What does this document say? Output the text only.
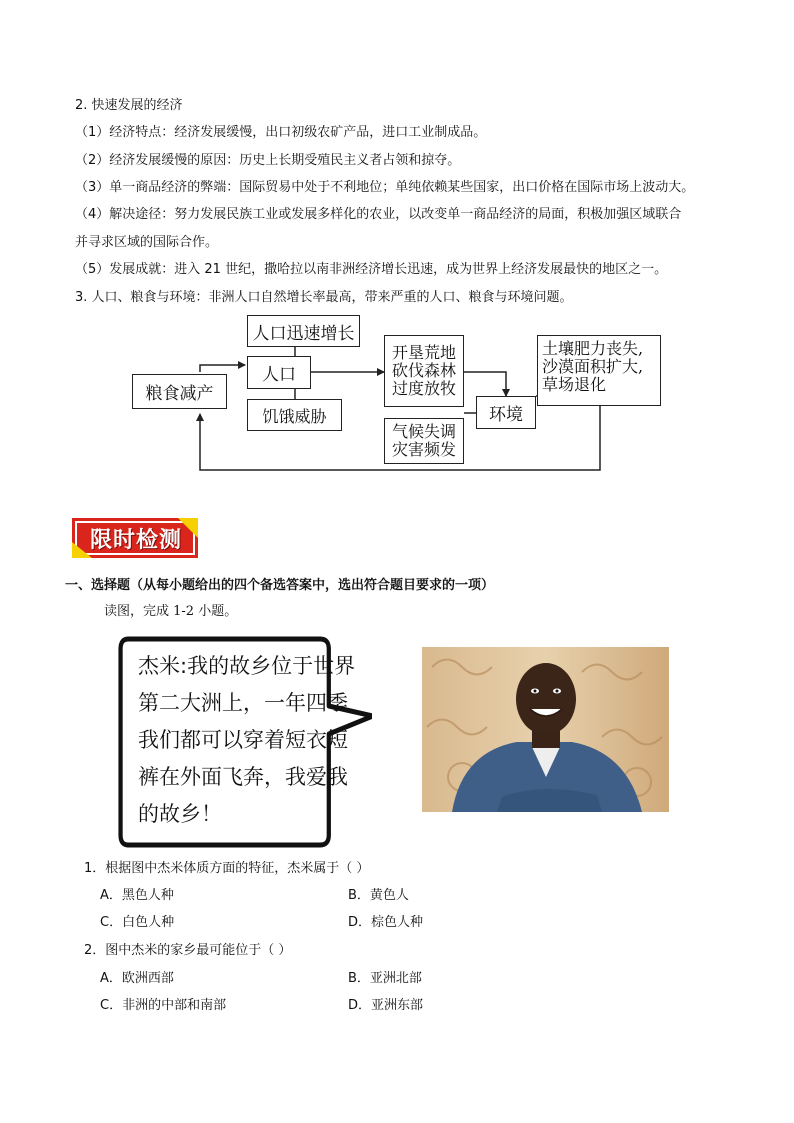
2. 快速发展的经济
（1）经济特点：经济发展缓慢，出口初级农矿产品，进口工业制成品。
（2）经济发展缓慢的原因：历史上长期受殖民主义者占领和掠夺。
（3）单一商品经济的弊端：国际贸易中处于不利地位；单纯依赖某些国家，出口价格在国际市场上波动大。
（4）解决途径：努力发展民族工业或发展多样化的农业，以改变单一商品经济的局面，积极加强区域联合
并寻求区域的国际合作。
（5）发展成就：进入 21 世纪，撒哈拉以南非洲经济增长迅速，成为世界上经济发展最快的地区之一。
3. 人口、粮食与环境：非洲人口自然增长率最高，带来严重的人口、粮食与环境问题。
人口迅速增长
人口
饥饿威胁
粮食减产
开垦荒地
砍伐森林
过度放牧
气候失调
灾害频发
环境
土壤肥力丧失,
沙漠面积扩大,
草场退化
限时检测
一、选择题（从每小题给出的四个备选答案中，选出符合题目要求的一项）
读图，完成 1-2 小题。
杰米:我的故乡位于世界
第二大洲上，一年四季
我们都可以穿着短衣短
裤在外面飞奔，我爱我
的故乡！
1．根据图中杰米体质方面的特征，杰米属于（ ）
A．黑色人种	B．黄色人
C．白色人种	D．棕色人种
2．图中杰米的家乡最可能位于（ ）
A．欧洲西部	B．亚洲北部
C．非洲的中部和南部	D．亚洲东部
